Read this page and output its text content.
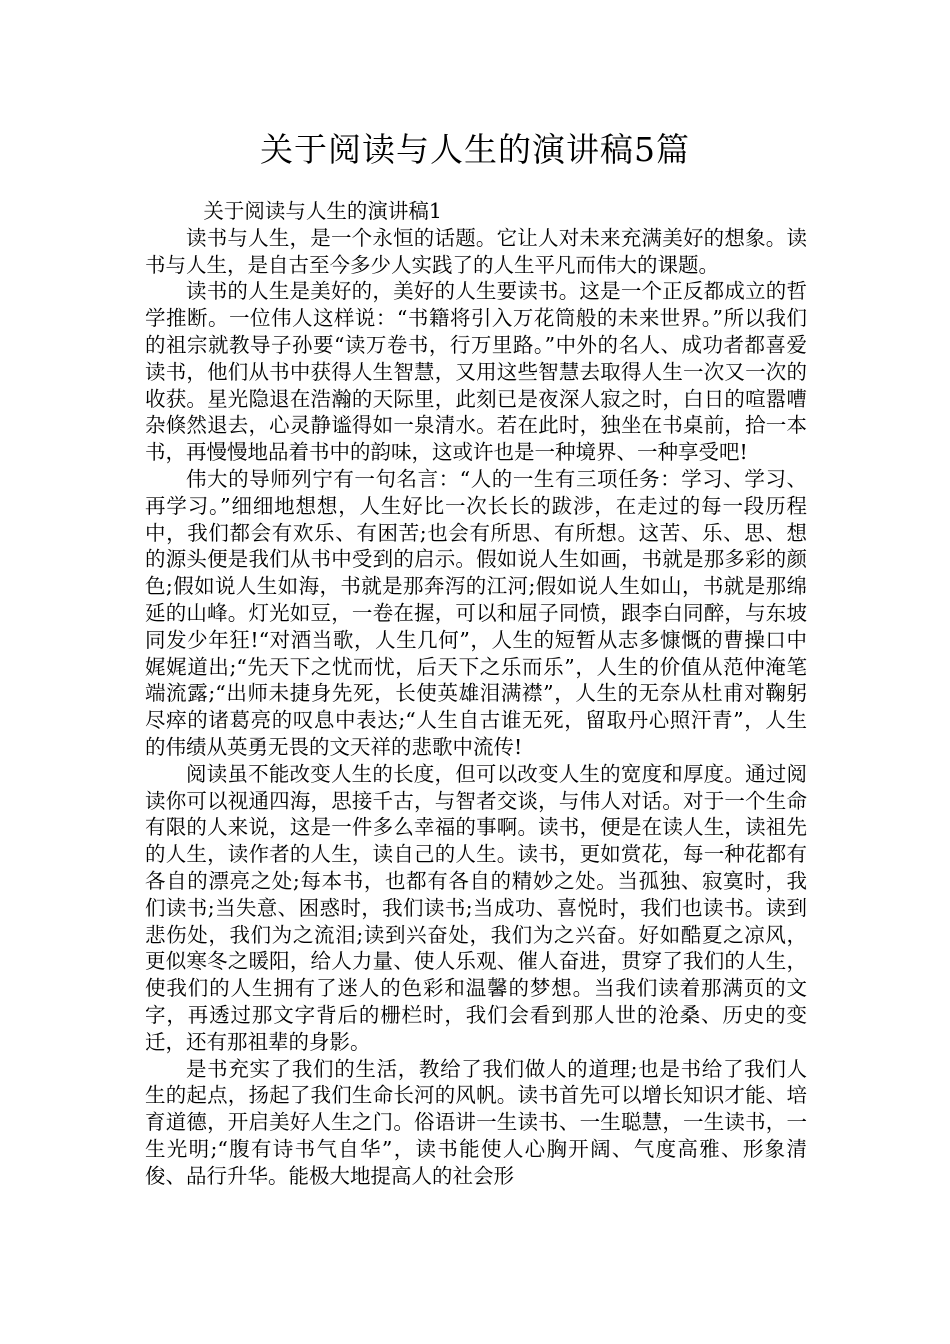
关于阅读与人生的演讲稿5篇

关于阅读与人生的演讲稿1

读书与人生，是一个永恒的话题。它让人对未来充满美好的想象。读书与人生，是自古至今多少人实践了的人生平凡而伟大的课题。

读书的人生是美好的，美好的人生要读书。这是一个正反都成立的哲学推断。一位伟人这样说：“书籍将引入万花筒般的未来世界。”所以我们的祖宗就教导子孙要“读万卷书，行万里路。”中外的名人、成功者都喜爱读书，他们从书中获得人生智慧，又用这些智慧去取得人生一次又一次的收获。星光隐退在浩瀚的天际里，此刻已是夜深人寂之时，白日的喧嚣嘈杂倏然退去，心灵静谧得如一泉清水。若在此时，独坐在书桌前，拾一本书，再慢慢地品着书中的韵味，这或许也是一种境界、一种享受吧!

伟大的导师列宁有一句名言：“人的一生有三项任务：学习、学习、再学习。”细细地想想，人生好比一次长长的跋涉，在走过的每一段历程中，我们都会有欢乐、有困苦;也会有所思、有所想。这苦、乐、思、想的源头便是我们从书中受到的启示。假如说人生如画，书就是那多彩的颜色;假如说人生如海，书就是那奔泻的江河;假如说人生如山，书就是那绵延的山峰。灯光如豆，一卷在握，可以和屈子同愤，跟李白同醉，与东坡同发少年狂!“对酒当歌，人生几何”，人生的短暂从志多慷慨的曹操口中娓娓道出;“先天下之忧而忧，后天下之乐而乐”，人生的价值从范仲淹笔端流露;“出师未捷身先死，长使英雄泪满襟”，人生的无奈从杜甫对鞠躬尽瘁的诸葛亮的叹息中表达;“人生自古谁无死，留取丹心照汗青”，人生的伟绩从英勇无畏的文天祥的悲歌中流传!

阅读虽不能改变人生的长度，但可以改变人生的宽度和厚度。通过阅读你可以视通四海，思接千古，与智者交谈，与伟人对话。对于一个生命有限的人来说，这是一件多么幸福的事啊。读书，便是在读人生，读祖先的人生，读作者的人生，读自己的人生。读书，更如赏花，每一种花都有各自的漂亮之处;每本书，也都有各自的精妙之处。当孤独、寂寞时，我们读书;当失意、困惑时，我们读书;当成功、喜悦时，我们也读书。读到悲伤处，我们为之流泪;读到兴奋处，我们为之兴奋。好如酷夏之凉风，更似寒冬之暖阳，给人力量、使人乐观、催人奋进，贯穿了我们的人生，使我们的人生拥有了迷人的色彩和温馨的梦想。当我们读着那满页的文字，再透过那文字背后的栅栏时，我们会看到那人世的沧桑、历史的变迁，还有那祖辈的身影。

是书充实了我们的生活，教给了我们做人的道理;也是书给了我们人生的起点，扬起了我们生命长河的风帆。读书首先可以增长知识才能、培育道德，开启美好人生之门。俗语讲一生读书、一生聪慧，一生读书，一生光明;“腹有诗书气自华”，读书能使人心胸开阔、气度高雅、形象清俊、品行升华。能极大地提高人的社会形
